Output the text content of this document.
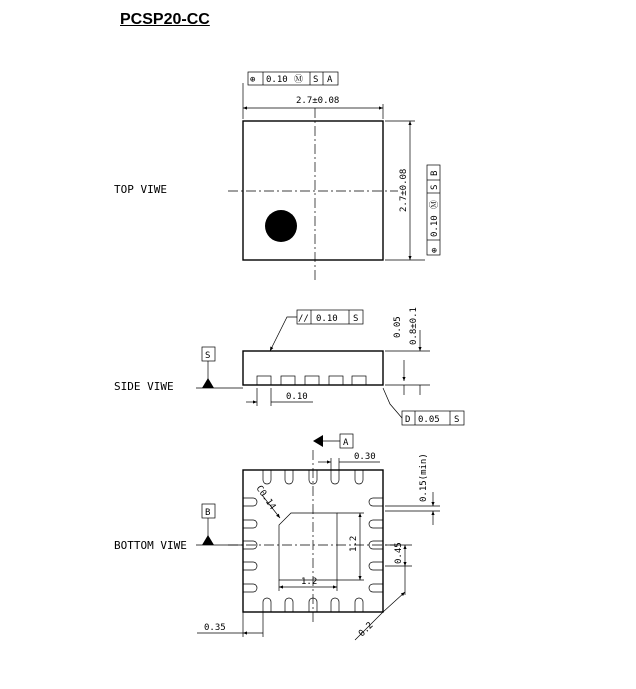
PCSP20-CC
TOP VIWE
2.7±0.08
⊕ 0.10 Ⓜ S A
2.7±0.08
⊕
0.10
Ⓜ
S
B
SIDE VIWE
// 0.10 S
S
0.8±0.1
0.05
0.10
D 0.05 S
BOTTOM VIWE
A
B
0.30	0.15(min)
C0.14
1.2
1.2
0.45
0.35	0.2
